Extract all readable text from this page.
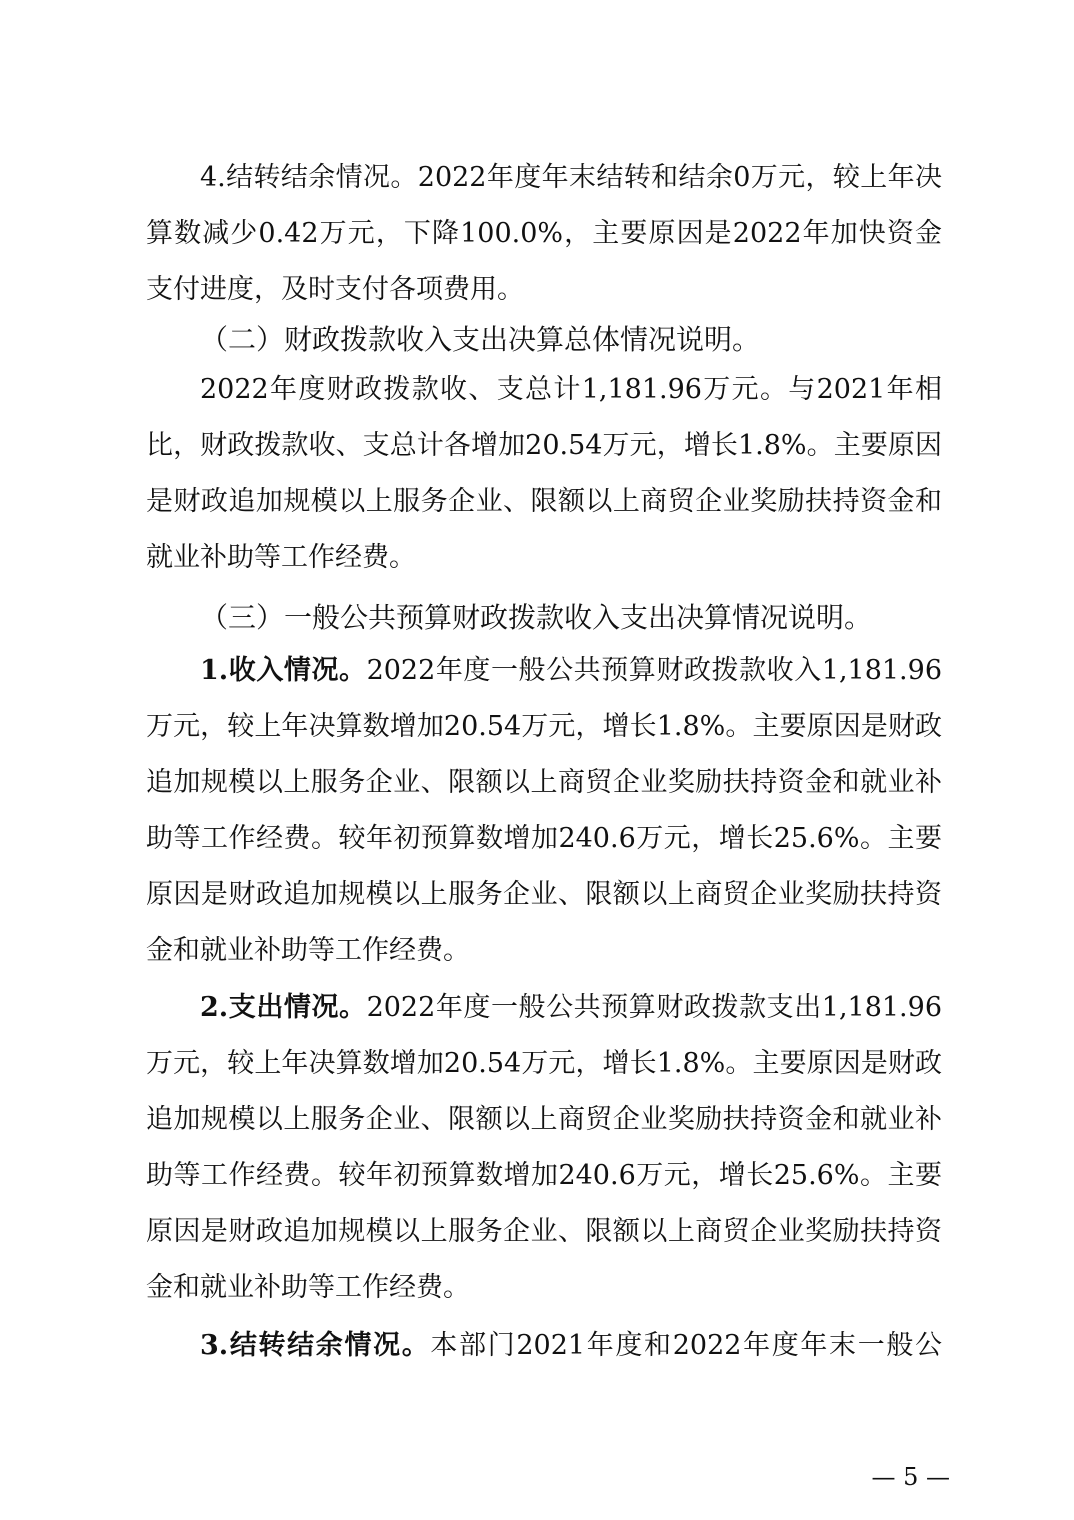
4.结转结余情况。2022年度年末结转和结余0万元，较上年决算数减少0.42万元，下降100.0%，主要原因是2022年加快资金支付进度，及时支付各项费用。

（二）财政拨款收入支出决算总体情况说明。

2022年度财政拨款收、支总计1,181.96万元。与2021年相比，财政拨款收、支总计各增加20.54万元，增长1.8%。主要原因是财政追加规模以上服务企业、限额以上商贸企业奖励扶持资金和就业补助等工作经费。

（三）一般公共预算财政拨款收入支出决算情况说明。

1.收入情况。2022年度一般公共预算财政拨款收入1,181.96万元，较上年决算数增加20.54万元，增长1.8%。主要原因是财政追加规模以上服务企业、限额以上商贸企业奖励扶持资金和就业补助等工作经费。较年初预算数增加240.6万元，增长25.6%。主要原因是财政追加规模以上服务企业、限额以上商贸企业奖励扶持资金和就业补助等工作经费。

2.支出情况。2022年度一般公共预算财政拨款支出1,181.96万元，较上年决算数增加20.54万元，增长1.8%。主要原因是财政追加规模以上服务企业、限额以上商贸企业奖励扶持资金和就业补助等工作经费。较年初预算数增加240.6万元，增长25.6%。主要原因是财政追加规模以上服务企业、限额以上商贸企业奖励扶持资金和就业补助等工作经费。

3.结转结余情况。本部门2021年度和2022年度年末一般公

— 5 —
